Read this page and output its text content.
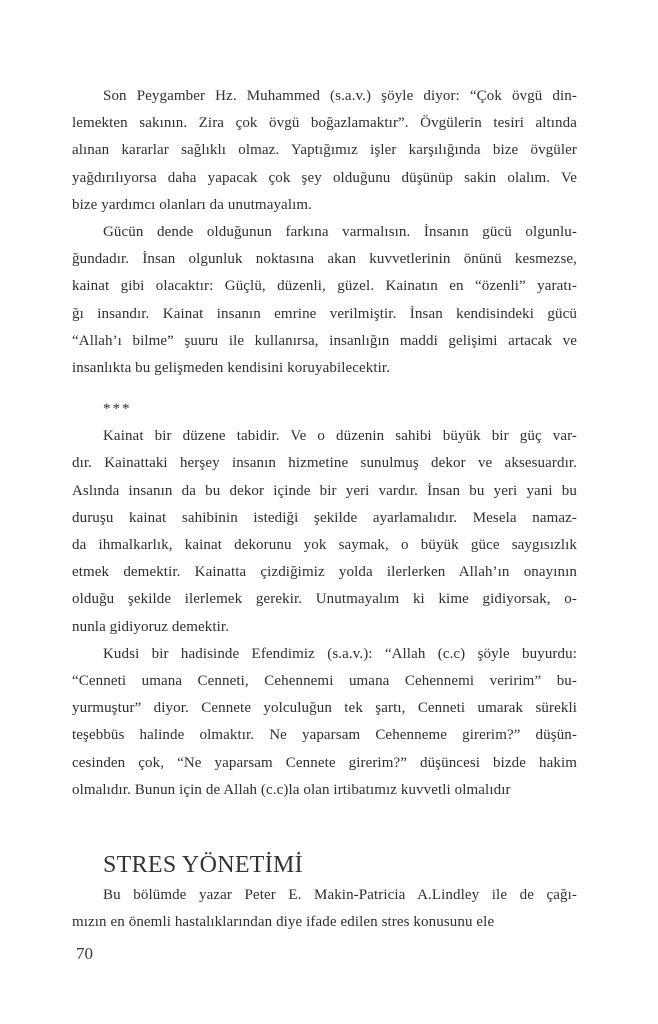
Son Peygamber Hz. Muhammed (s.a.v.) şöyle diyor: “Çok övgü din-
lemekten sakının. Zira çok övgü boğazlamaktır”. Övgülerin tesiri altında
alınan kararlar sağlıklı olmaz. Yaptığımız işler karşılığında bize övgüler
yağdırılıyorsa daha yapacak çok şey olduğunu düşünüp sakin olalım. Ve
bize yardımcı olanları da unutmayalım.
Gücün dende olduğunun farkına varmalısın. İnsanın gücü olgunlu-
ğundadır. İnsan olgunluk noktasına akan kuvvetlerinin önünü kesmezse,
kainat gibi olacaktır: Güçlü, düzenli, güzel. Kainatın en “özenli” yaratı-
ğı insandır. Kainat insanın emrine verilmiştir. İnsan kendisindeki gücü
“Allah’ı bilme” şuuru ile kullanırsa, insanlığın maddi gelişimi artacak ve
insanlıkta bu gelişmeden kendisini koruyabilecektir.
***
Kainat bir düzene tabidir. Ve o düzenin sahibi büyük bir güç var-
dır. Kainattaki herşey insanın hizmetine sunulmuş dekor ve aksesuardır.
Aslında insanın da bu dekor içinde bir yeri vardır. İnsan bu yeri yani bu
duruşu kainat sahibinin istediği şekilde ayarlamalıdır. Mesela namaz-
da ihmalkarlık, kainat dekorunu yok saymak, o büyük güce saygısızlık
etmek demektir. Kainatta çizdiğimiz yolda ilerlerken Allah’ın onayının
olduğu şekilde ilerlemek gerekir. Unutmayalım ki kime gidiyorsak, o-
nunla gidiyoruz demektir.
Kudsi bir hadisinde Efendimiz (s.a.v.): “Allah (c.c) şöyle buyurdu:
“Cenneti umana Cenneti, Cehennemi umana Cehennemi veririm” bu-
yurmuştur” diyor. Cennete yolculuğun tek şartı, Cenneti umarak sürekli
teşebbüs halinde olmaktır. Ne yaparsam Cehenneme girerim?” düşün-
cesinden çok, “Ne yaparsam Cennete girerim?” düşüncesi bizde hakim
olmalıdır. Bunun için de Allah (c.c)la olan irtibatımız kuvvetli olmalıdır
STRES YÖNETİMİ
Bu bölümde yazar Peter E. Makin-Patricia A.Lindley ile de çağı-
mızın en önemli hastalıklarından diye ifade edilen stres konusunu ele
70
